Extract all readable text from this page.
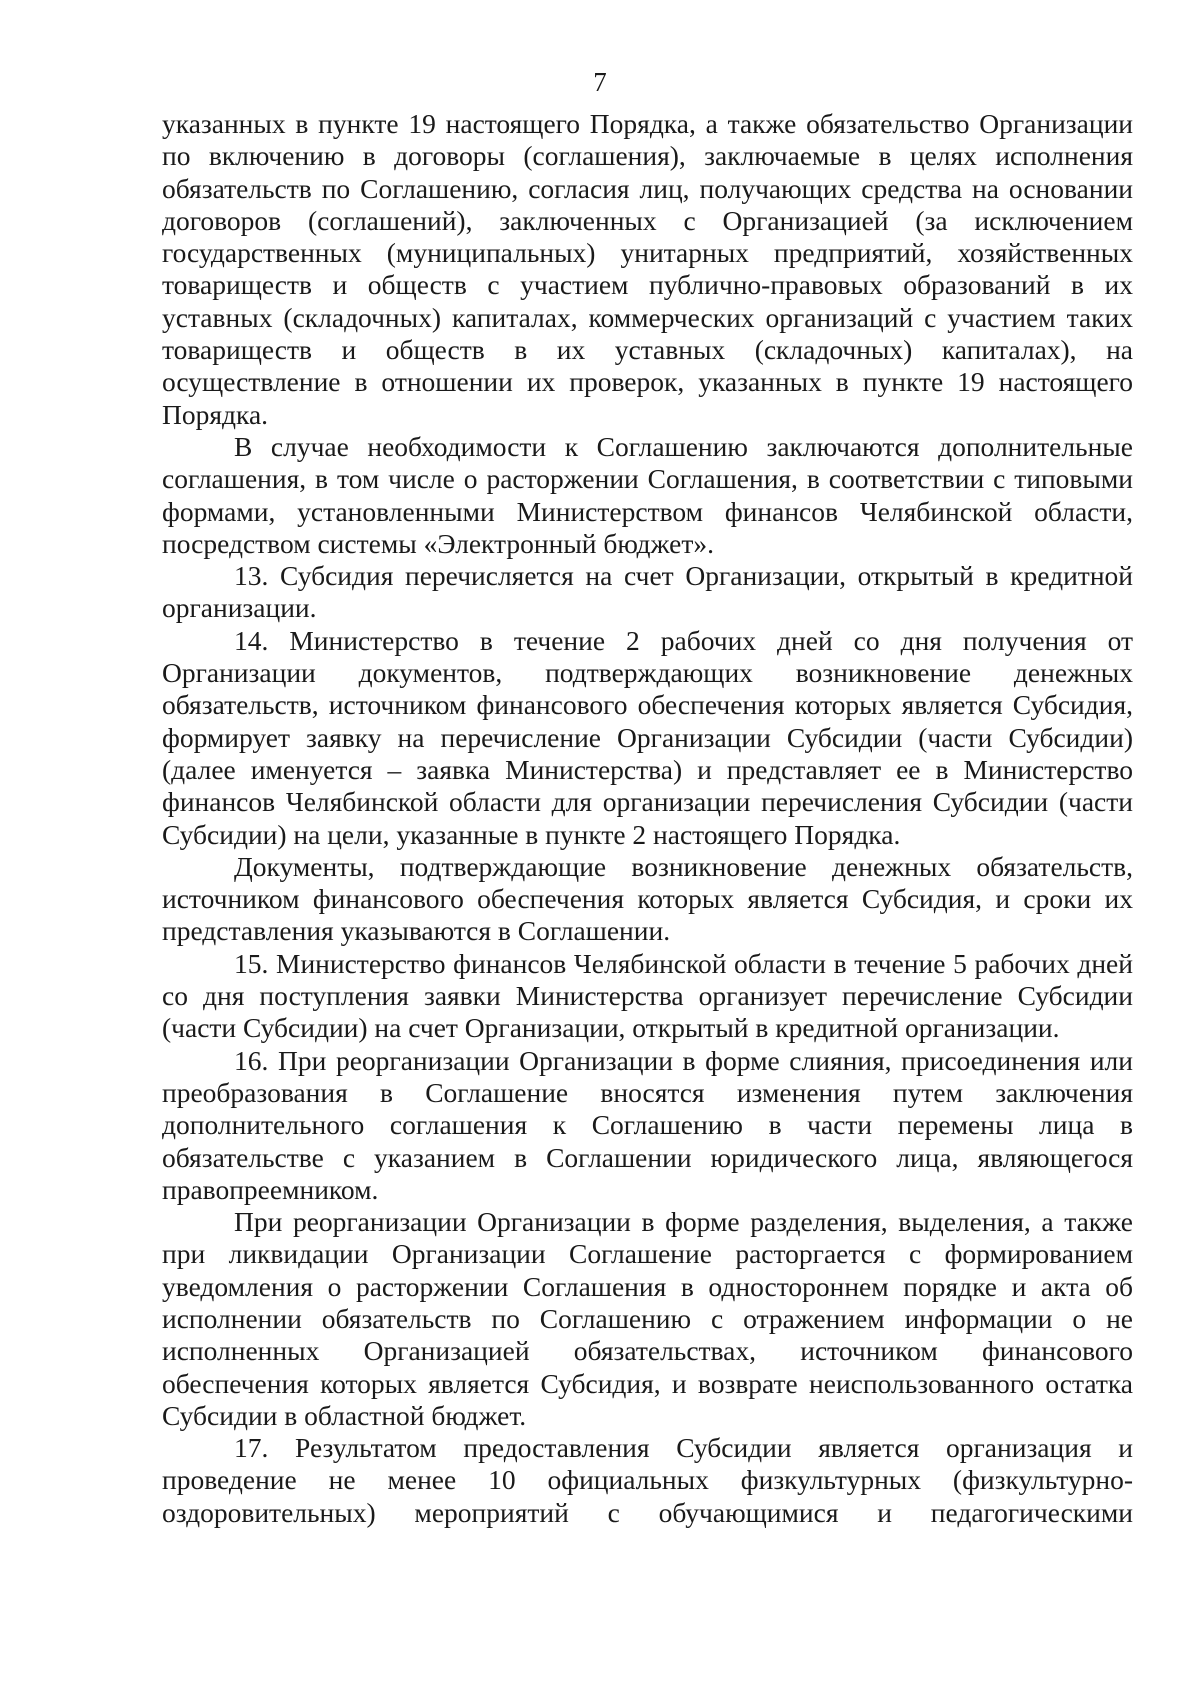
7

указанных в пункте 19 настоящего Порядка, а также обязательство Организации по включению в договоры (соглашения), заключаемые в целях исполнения обязательств по Соглашению, согласия лиц, получающих средства на основании договоров (соглашений), заключенных с Организацией (за исключением государственных (муниципальных) унитарных предприятий, хозяйственных товариществ и обществ с участием публично-правовых образований в их уставных (складочных) капиталах, коммерческих организаций с участием таких товариществ и обществ в их уставных (складочных) капиталах), на осуществление в отношении их проверок, указанных в пункте 19 настоящего Порядка.

В случае необходимости к Соглашению заключаются дополнительные соглашения, в том числе о расторжении Соглашения, в соответствии с типовыми формами, установленными Министерством финансов Челябинской области, посредством системы «Электронный бюджет».

13. Субсидия перечисляется на счет Организации, открытый в кредитной организации.

14. Министерство в течение 2 рабочих дней со дня получения от Организации документов, подтверждающих возникновение денежных обязательств, источником финансового обеспечения которых является Субсидия, формирует заявку на перечисление Организации Субсидии (части Субсидии) (далее именуется – заявка Министерства) и представляет ее в Министерство финансов Челябинской области для организации перечисления Субсидии (части Субсидии) на цели, указанные в пункте 2 настоящего Порядка.

Документы, подтверждающие возникновение денежных обязательств, источником финансового обеспечения которых является Субсидия, и сроки их представления указываются в Соглашении.

15. Министерство финансов Челябинской области в течение 5 рабочих дней со дня поступления заявки Министерства организует перечисление Субсидии (части Субсидии) на счет Организации, открытый в кредитной организации.

16. При реорганизации Организации в форме слияния, присоединения или преобразования в Соглашение вносятся изменения путем заключения дополнительного соглашения к Соглашению в части перемены лица в обязательстве с указанием в Соглашении юридического лица, являющегося правопреемником.

При реорганизации Организации в форме разделения, выделения, а также при ликвидации Организации Соглашение расторгается с формированием уведомления о расторжении Соглашения в одностороннем порядке и акта об исполнении обязательств по Соглашению с отражением информации о не исполненных Организацией обязательствах, источником финансового обеспечения которых является Субсидия, и возврате неиспользованного остатка Субсидии в областной бюджет.

17. Результатом предоставления Субсидии является организация и проведение не менее 10 официальных физкультурных (физкультурно-оздоровительных) мероприятий с обучающимися и педагогическими
